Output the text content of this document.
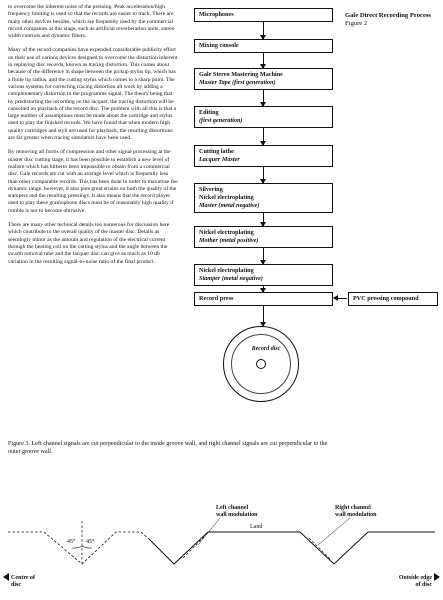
to overcome the inherent noise of the pressing. Peak acceleration/high frequency limiting is used so that the records are easier to track. There are many other devices besides, which are frequently used by the commercial record companies at this stage, such as artificial reverberation units, stereo width controls and dynamic filters.

Many of the record companies have expended considerable publicity effort on their use of various devices designed to overcome the distortion inherent in replaying disc records, known as tracing distortion. This comes about because of the difference in shape between the pickup stylus tip, which has a finite tip radius, and the cutting stylus which comes to a sharp point. The various systems for correcting tracing distortion all work by adding a complementary distortion to the programme signal. The theory being that by predistorting the recording on the lacquer, the tracing distortion will be cancelled on playback of the record disc. The problem with all this is that a large number of assumptions must be made about the cartridge and stylus used to play the finished records. We have found that when modern high quality cartridges and styli are used for playback, the resulting distortions are far greater when tracing simulators have been used.

By removing all forms of compression and other signal processing at the master disc cutting stage, it has been possible to establish a new level of realism which has hitherto been impossible to obtain from a commercial disc. Gale records are cut with an average level which is frequently less than other comparable records. This has been done in order to maximise the dynamic range, however, it also puts great strains on both the quality of the stampers and the resulting pressings. It also means that the record player used to play these gramophone discs must be of reasonably high quality if rumble is not to become obtrusive.

There are many other technical details too numerous for discussion here which contribute to the overall quality of the master disc. Details as seemingly minor as the amount and regulation of the electrical current through the heating coil on the cutting stylus and the angle between the swarth removal tube and the lacquer disc can give as much as 10 db variation in the resulting signal-to-noise ratio of the final product.

Gale Direct Recording Process
Figure 2
Microphones
Mixing console
Gale Stereo Mastering Machine
Master Tape (first generation)
Editing
(first generation)
Cutting lathe
Lacquer Master
Silvering
Nickel electroplating
Master (metal negative)
Nickel electroplating
Mother (metal positive)
Nickel electroplating
Stamper (metal negative)
Record press	PVC pressing compound
Record disc
Figure 3. Left channel signals are cut perpendicular to the inside groove wall, and right channel signals are cut perpendicular to the outer groove wall.
45° 45°
Left channel
wall modulation
Right channel
wall modulation
Land
Centre of
disc
Outside edge
of disc
